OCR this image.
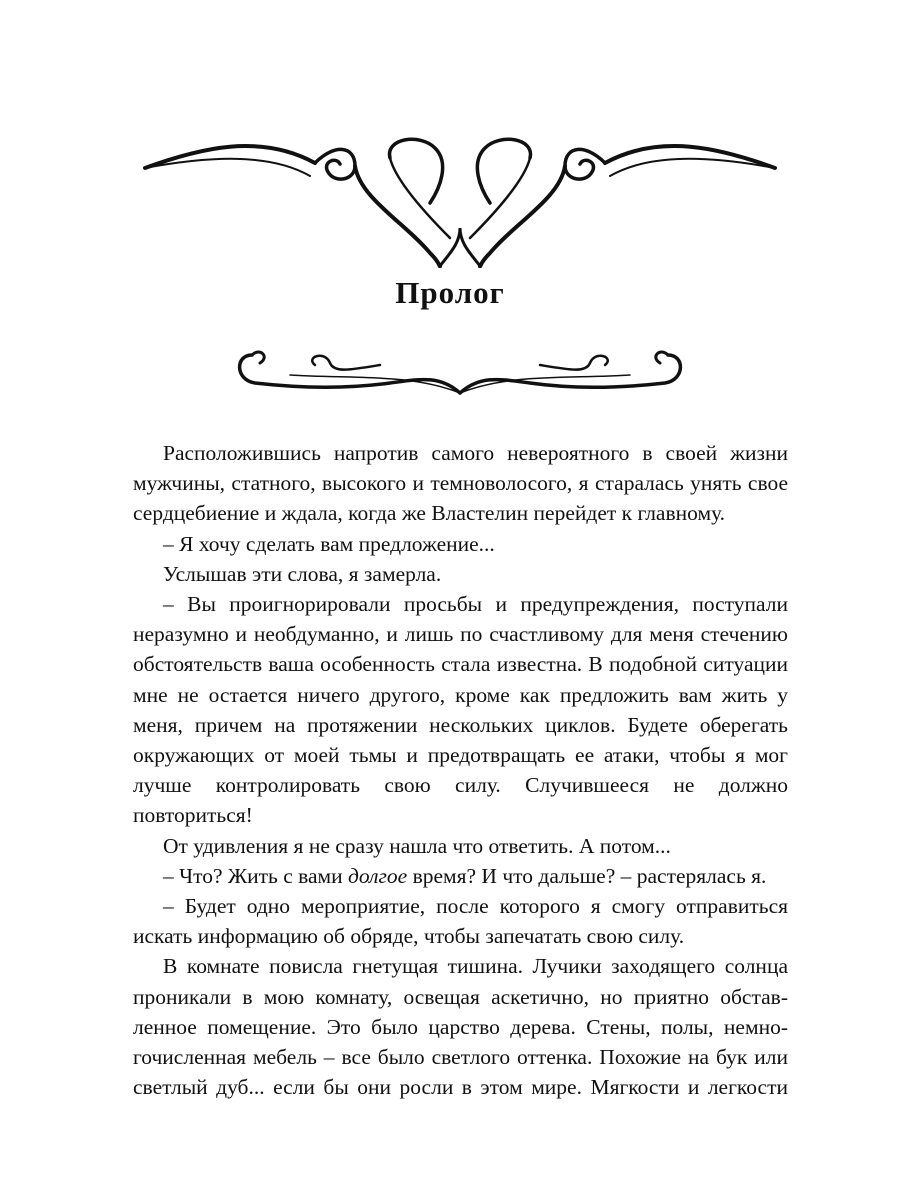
Пролог

Расположившись напротив самого невероятного в своей жизни мужчины, статного, высокого и темноволосого, я старалась унять свое сердцебиение и ждала, когда же Властелин перейдет к главному.

– Я хочу сделать вам предложение...

Услышав эти слова, я замерла.

– Вы проигнорировали просьбы и предупреждения, поступали неразумно и необдуманно, и лишь по счастливому для меня стечению обстоятельств ваша особенность стала известна. В подобной ситуации мне не остается ничего другого, кроме как предложить вам жить у меня, причем на протяжении нескольких циклов. Будете оберегать окружающих от моей тьмы и предотвращать ее атаки, чтобы я мог лучше контролировать свою силу. Случившееся не должно повториться!

От удивления я не сразу нашла что ответить. А потом...

– Что? Жить с вами долгое время? И что дальше? – растерялась я.

– Будет одно мероприятие, после которого я смогу отправиться искать информацию об обряде, чтобы запечатать свою силу.

В комнате повисла гнетущая тишина. Лучики заходящего солнца проникали в мою комнату, освещая аскетично, но приятно обставленное помещение. Это было царство дерева. Стены, полы, немногочисленная мебель – все было светлого оттенка. Похожие на бук или светлый дуб... если бы они росли в этом мире. Мягкости и легкости
